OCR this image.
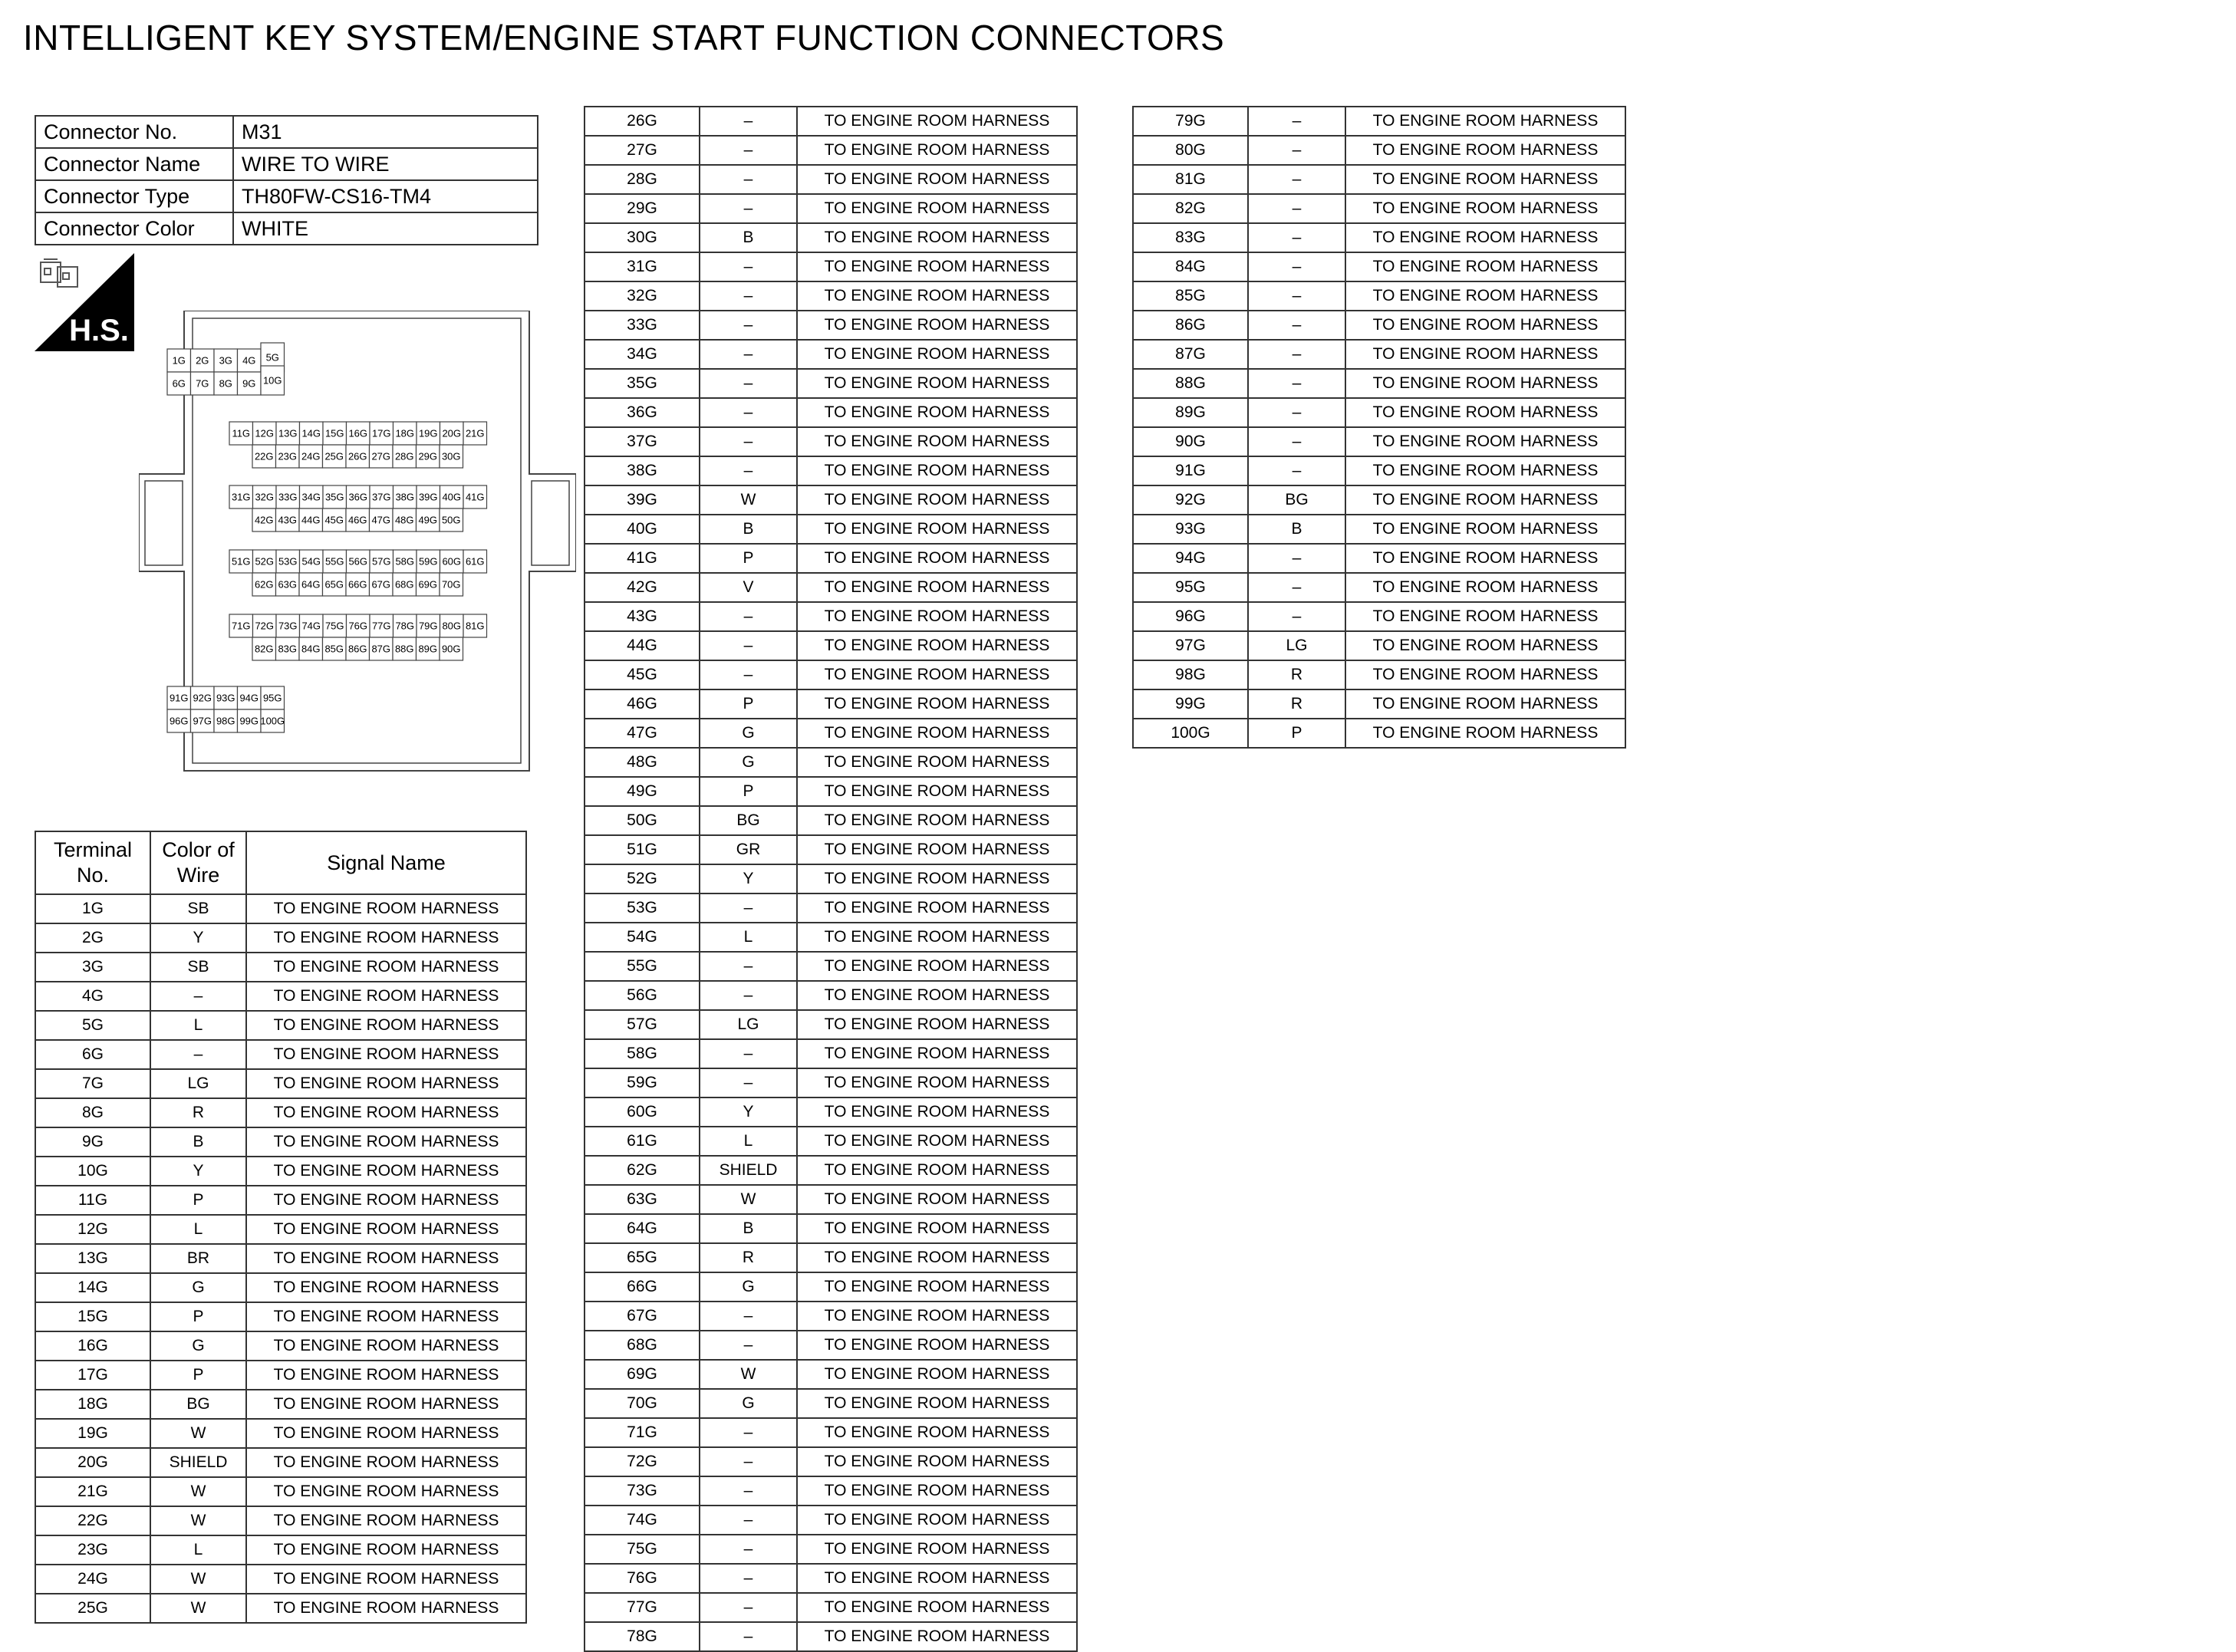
INTELLIGENT KEY SYSTEM/ENGINE START FUNCTION CONNECTORS
Connector No.	M31
Connector Name	WIRE TO WIRE
Connector Type	TH80FW-CS16-TM4
Connector Color	WHITE
H.S.
1G 2G 3G 4G 5G
6G 7G 8G 9G 10G
11G 12G 13G 14G 15G 16G 17G 18G 19G 20G 21G
22G 23G 24G 25G 26G 27G 28G 29G 30G
31G 32G 33G 34G 35G 36G 37G 38G 39G 40G 41G
42G 43G 44G 45G 46G 47G 48G 49G 50G
51G 52G 53G 54G 55G 56G 57G 58G 59G 60G 61G
62G 63G 64G 65G 66G 67G 68G 69G 70G
71G 72G 73G 74G 75G 76G 77G 78G 79G 80G 81G
82G 83G 84G 85G 86G 87G 88G 89G 90G
91G 92G 93G 94G 95G
96G 97G 98G 99G 100G
Terminal No.	Color of Wire	Signal Name
1G	SB	TO ENGINE ROOM HARNESS
2G	Y	TO ENGINE ROOM HARNESS
3G	SB	TO ENGINE ROOM HARNESS
4G	–	TO ENGINE ROOM HARNESS
5G	L	TO ENGINE ROOM HARNESS
6G	–	TO ENGINE ROOM HARNESS
7G	LG	TO ENGINE ROOM HARNESS
8G	R	TO ENGINE ROOM HARNESS
9G	B	TO ENGINE ROOM HARNESS
10G	Y	TO ENGINE ROOM HARNESS
11G	P	TO ENGINE ROOM HARNESS
12G	L	TO ENGINE ROOM HARNESS
13G	BR	TO ENGINE ROOM HARNESS
14G	G	TO ENGINE ROOM HARNESS
15G	P	TO ENGINE ROOM HARNESS
16G	G	TO ENGINE ROOM HARNESS
17G	P	TO ENGINE ROOM HARNESS
18G	BG	TO ENGINE ROOM HARNESS
19G	W	TO ENGINE ROOM HARNESS
20G	SHIELD	TO ENGINE ROOM HARNESS
21G	W	TO ENGINE ROOM HARNESS
22G	W	TO ENGINE ROOM HARNESS
23G	L	TO ENGINE ROOM HARNESS
24G	W	TO ENGINE ROOM HARNESS
25G	W	TO ENGINE ROOM HARNESS
26G	–	TO ENGINE ROOM HARNESS
27G	–	TO ENGINE ROOM HARNESS
28G	–	TO ENGINE ROOM HARNESS
29G	–	TO ENGINE ROOM HARNESS
30G	B	TO ENGINE ROOM HARNESS
31G	–	TO ENGINE ROOM HARNESS
32G	–	TO ENGINE ROOM HARNESS
33G	–	TO ENGINE ROOM HARNESS
34G	–	TO ENGINE ROOM HARNESS
35G	–	TO ENGINE ROOM HARNESS
36G	–	TO ENGINE ROOM HARNESS
37G	–	TO ENGINE ROOM HARNESS
38G	–	TO ENGINE ROOM HARNESS
39G	W	TO ENGINE ROOM HARNESS
40G	B	TO ENGINE ROOM HARNESS
41G	P	TO ENGINE ROOM HARNESS
42G	V	TO ENGINE ROOM HARNESS
43G	–	TO ENGINE ROOM HARNESS
44G	–	TO ENGINE ROOM HARNESS
45G	–	TO ENGINE ROOM HARNESS
46G	P	TO ENGINE ROOM HARNESS
47G	G	TO ENGINE ROOM HARNESS
48G	G	TO ENGINE ROOM HARNESS
49G	P	TO ENGINE ROOM HARNESS
50G	BG	TO ENGINE ROOM HARNESS
51G	GR	TO ENGINE ROOM HARNESS
52G	Y	TO ENGINE ROOM HARNESS
53G	–	TO ENGINE ROOM HARNESS
54G	L	TO ENGINE ROOM HARNESS
55G	–	TO ENGINE ROOM HARNESS
56G	–	TO ENGINE ROOM HARNESS
57G	LG	TO ENGINE ROOM HARNESS
58G	–	TO ENGINE ROOM HARNESS
59G	–	TO ENGINE ROOM HARNESS
60G	Y	TO ENGINE ROOM HARNESS
61G	L	TO ENGINE ROOM HARNESS
62G	SHIELD	TO ENGINE ROOM HARNESS
63G	W	TO ENGINE ROOM HARNESS
64G	B	TO ENGINE ROOM HARNESS
65G	R	TO ENGINE ROOM HARNESS
66G	G	TO ENGINE ROOM HARNESS
67G	–	TO ENGINE ROOM HARNESS
68G	–	TO ENGINE ROOM HARNESS
69G	W	TO ENGINE ROOM HARNESS
70G	G	TO ENGINE ROOM HARNESS
71G	–	TO ENGINE ROOM HARNESS
72G	–	TO ENGINE ROOM HARNESS
73G	–	TO ENGINE ROOM HARNESS
74G	–	TO ENGINE ROOM HARNESS
75G	–	TO ENGINE ROOM HARNESS
76G	–	TO ENGINE ROOM HARNESS
77G	–	TO ENGINE ROOM HARNESS
78G	–	TO ENGINE ROOM HARNESS
79G	–	TO ENGINE ROOM HARNESS
80G	–	TO ENGINE ROOM HARNESS
81G	–	TO ENGINE ROOM HARNESS
82G	–	TO ENGINE ROOM HARNESS
83G	–	TO ENGINE ROOM HARNESS
84G	–	TO ENGINE ROOM HARNESS
85G	–	TO ENGINE ROOM HARNESS
86G	–	TO ENGINE ROOM HARNESS
87G	–	TO ENGINE ROOM HARNESS
88G	–	TO ENGINE ROOM HARNESS
89G	–	TO ENGINE ROOM HARNESS
90G	–	TO ENGINE ROOM HARNESS
91G	–	TO ENGINE ROOM HARNESS
92G	BG	TO ENGINE ROOM HARNESS
93G	B	TO ENGINE ROOM HARNESS
94G	–	TO ENGINE ROOM HARNESS
95G	–	TO ENGINE ROOM HARNESS
96G	–	TO ENGINE ROOM HARNESS
97G	LG	TO ENGINE ROOM HARNESS
98G	R	TO ENGINE ROOM HARNESS
99G	R	TO ENGINE ROOM HARNESS
100G	P	TO ENGINE ROOM HARNESS
